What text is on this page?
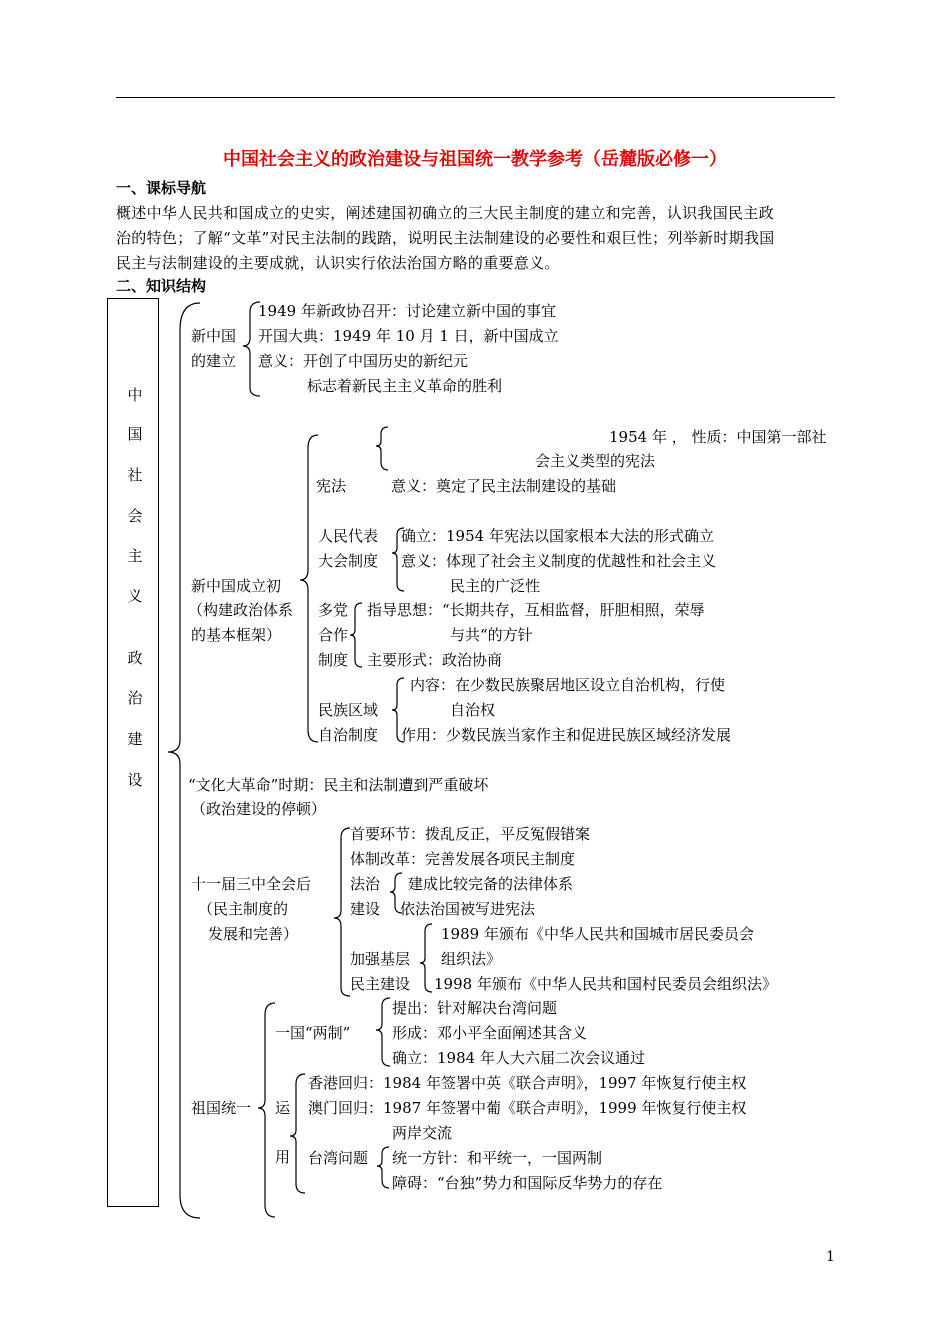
中国社会主义的政治建设与祖国统一教学参考（岳麓版必修一）
一、课标导航
概述中华人民共和国成立的史实，阐述建国初确立的三大民主制度的建立和完善，认识我国民主政
治的特色；了解“文革”对民主法制的践踏，说明民主法制建设的必要性和艰巨性；列举新时期我国
民主与法制建设的主要成就，认识实行依法治国方略的重要意义。
二、知识结构
中
国
社
会
主
义
政
治
建
设
新中国
的建立
1949 年新政协召开：讨论建立新中国的事宜
开国大典：1949 年 10 月 1 日，新中国成立
意义：开创了中国历史的新纪元
标志着新民主主义革命的胜利
新中国成立初
（构建政治体系
的基本框架）
1954 年 ， 性质：中国第一部社
会主义类型的宪法
宪法	意义：奠定了民主法制建设的基础
人民代表
大会制度
确立：1954 年宪法以国家根本大法的形式确立
意义：体现了社会主义制度的优越性和社会主义
民主的广泛性
多党
合作
制度
指导思想：“长期共存，互相监督，肝胆相照，荣辱
与共“的方针
主要形式：政治协商
民族区域
自治制度
内容：在少数民族聚居地区设立自治机构，行使
自治权
作用：少数民族当家作主和促进民族区域经济发展
“文化大革命”时期：民主和法制遭到严重破坏
（政治建设的停顿）
十一届三中全会后
（民主制度的
发展和完善）
首要环节：拨乱反正，平反冤假错案
体制改革：完善发展各项民主制度
法治
建设
建成比较完备的法律体系
依法治国被写进宪法
加强基层
民主建设
1989 年颁布《中华人民共和国城市居民委员会
组织法》
1998 年颁布《中华人民共和国村民委员会组织法》
祖国统一
一国“两制”
提出：针对解决台湾问题
形成：邓小平全面阐述其含义
确立：1984 年人大六届二次会议通过
运
用
香港回归：1984 年签署中英《联合声明》，1997 年恢复行使主权
澳门回归：1987 年签署中葡《联合声明》，1999 年恢复行使主权
两岸交流
台湾问题 统一方针：和平统一，一国两制
障碍：“台独”势力和国际反华势力的存在
1
